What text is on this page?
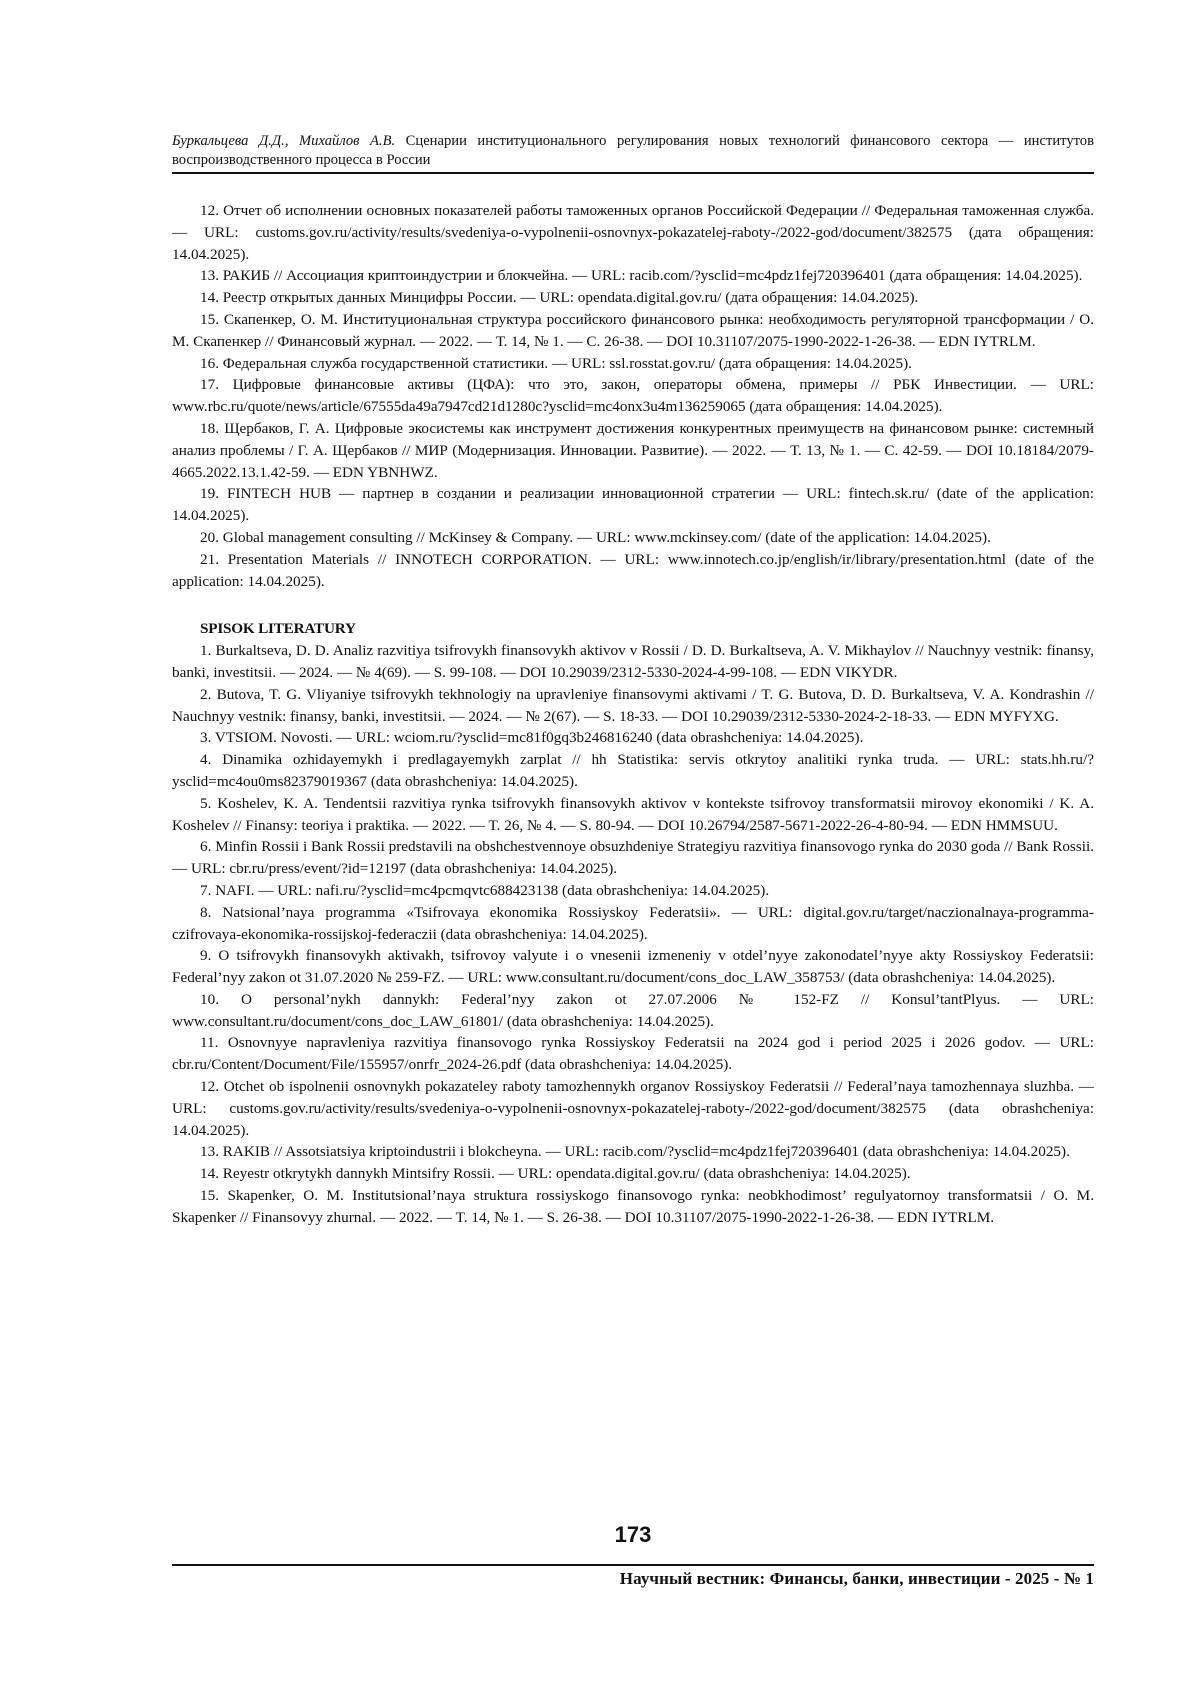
Буркальцева Д.Д., Михайлов А.В. Сценарии институционального регулирования новых технологий финансового сектора — институтов воспроизводственного процесса в России

12. Отчет об исполнении основных показателей работы таможенных органов Российской Федерации // Федеральная таможенная служба. — URL: customs.gov.ru/activity/results/svedeniya-o-vypolnenii-osnovnyx-pokazatelej-raboty-/2022-god/document/382575 (дата обращения: 14.04.2025).

13. РАКИБ // Ассоциация криптоиндустрии и блокчейна. — URL: racib.com/?ysclid=mc4pdz1fej720396401 (дата обращения: 14.04.2025).

14. Реестр открытых данных Минцифры России. — URL: opendata.digital.gov.ru/ (дата обращения: 14.04.2025).

15. Скапенкер, О. М. Институциональная структура российского финансового рынка: необходимость регуляторной трансформации / О. М. Скапенкер // Финансовый журнал. — 2022. — Т. 14, № 1. — С. 26-38. — DOI 10.31107/2075-1990-2022-1-26-38. — EDN IYTRLM.

16. Федеральная служба государственной статистики. — URL: ssl.rosstat.gov.ru/ (дата обращения: 14.04.2025).

17. Цифровые финансовые активы (ЦФА): что это, закон, операторы обмена, примеры // РБК Инвестиции. — URL: www.rbc.ru/quote/news/article/67555da49a7947cd21d1280c?ysclid=mc4onx3u4m136259065 (дата обращения: 14.04.2025).

18. Щербаков, Г. А. Цифровые экосистемы как инструмент достижения конкурентных преимуществ на финансовом рынке: системный анализ проблемы / Г. А. Щербаков // МИР (Модернизация. Инновации. Развитие). — 2022. — Т. 13, № 1. — С. 42-59. — DOI 10.18184/2079-4665.2022.13.1.42-59. — EDN YBNHWZ.

19. FINTECH HUB — партнер в создании и реализации инновационной стратегии — URL: fintech.sk.ru/ (date of the application: 14.04.2025).

20. Global management consulting // McKinsey & Company. — URL: www.mckinsey.com/ (date of the application: 14.04.2025).

21. Presentation Materials // INNOTECH CORPORATION. — URL: www.innotech.co.jp/english/ir/library/presentation.html (date of the application: 14.04.2025).

SPISOK LITERATURY

1. Burkaltseva, D. D. Analiz razvitiya tsifrovykh finansovykh aktivov v Rossii / D. D. Burkaltseva, A. V. Mikhaylov // Nauchnyy vestnik: finansy, banki, investitsii. — 2024. — № 4(69). — S. 99-108. — DOI 10.29039/2312-5330-2024-4-99-108. — EDN VIKYDR.

2. Butova, T. G. Vliyaniye tsifrovykh tekhnologiy na upravleniye finansovymi aktivami / T. G. Butova, D. D. Burkaltseva, V. A. Kondrashin // Nauchnyy vestnik: finansy, banki, investitsii. — 2024. — № 2(67). — S. 18-33. — DOI 10.29039/2312-5330-2024-2-18-33. — EDN MYFYXG.

3. VTSIOM. Novosti. — URL: wciom.ru/?ysclid=mc81f0gq3b246816240 (data obrashcheniya: 14.04.2025).

4. Dinamika ozhidayemykh i predlagayemykh zarplat // hh Statistika: servis otkrytoy analitiki rynka truda. — URL: stats.hh.ru/?ysclid=mc4ou0ms82379019367 (data obrashcheniya: 14.04.2025).

5. Koshelev, K. A. Tendentsii razvitiya rynka tsifrovykh finansovykh aktivov v kontekste tsifrovoy transformatsii mirovoy ekonomiki / K. A. Koshelev // Finansy: teoriya i praktika. — 2022. — T. 26, № 4. — S. 80-94. — DOI 10.26794/2587-5671-2022-26-4-80-94. — EDN HMMSUU.

6. Minfin Rossii i Bank Rossii predstavili na obshchestvennoye obsuzhdeniye Strategiyu razvitiya finansovogo rynka do 2030 goda // Bank Rossii. — URL: cbr.ru/press/event/?id=12197 (data obrashcheniya: 14.04.2025).

7. NAFI. — URL: nafi.ru/?ysclid=mc4pcmqvtc688423138 (data obrashcheniya: 14.04.2025).

8. Natsional’naya programma «Tsifrovaya ekonomika Rossiyskoy Federatsii». — URL: digital.gov.ru/target/naczionalnaya-programma-czifrovaya-ekonomika-rossijskoj-federaczii (data obrashcheniya: 14.04.2025).

9. O tsifrovykh finansovykh aktivakh, tsifrovoy valyute i o vnesenii izmeneniy v otdel’nyye zakonodatel’nyye akty Rossiyskoy Federatsii: Federal’nyy zakon ot 31.07.2020 № 259-FZ. — URL: www.consultant.ru/document/cons_doc_LAW_358753/ (data obrashcheniya: 14.04.2025).

10. O personal’nykh dannykh: Federal’nyy zakon ot 27.07.2006 № 152-FZ // Konsul’tantPlyus. — URL: www.consultant.ru/document/cons_doc_LAW_61801/ (data obrashcheniya: 14.04.2025).

11. Osnovnyye napravleniya razvitiya finansovogo rynka Rossiyskoy Federatsii na 2024 god i period 2025 i 2026 godov. — URL: cbr.ru/Content/Document/File/155957/onrfr_2024-26.pdf (data obrashcheniya: 14.04.2025).

12. Otchet ob ispolnenii osnovnykh pokazateley raboty tamozhennykh organov Rossiyskoy Federatsii // Federal’naya tamozhennaya sluzhba. — URL: customs.gov.ru/activity/results/svedeniya-o-vypolnenii-osnovnyx-pokazatelej-raboty-/2022-god/document/382575 (data obrashcheniya: 14.04.2025).

13. RAKIB // Assotsiatsiya kriptoindustrii i blokcheyna. — URL: racib.com/?ysclid=mc4pdz1fej720396401 (data obrashcheniya: 14.04.2025).

14. Reyestr otkrytykh dannykh Mintsifry Rossii. — URL: opendata.digital.gov.ru/ (data obrashcheniya: 14.04.2025).

15. Skapenker, O. M. Institutsional’naya struktura rossiyskogo finansovogo rynka: neobkhodimost’ regulyatornoy transformatsii / O. M. Skapenker // Finansovyy zhurnal. — 2022. — T. 14, № 1. — S. 26-38. — DOI 10.31107/2075-1990-2022-1-26-38. — EDN IYTRLM.

173
Научный вестник: Финансы, банки, инвестиции - 2025 - № 1
